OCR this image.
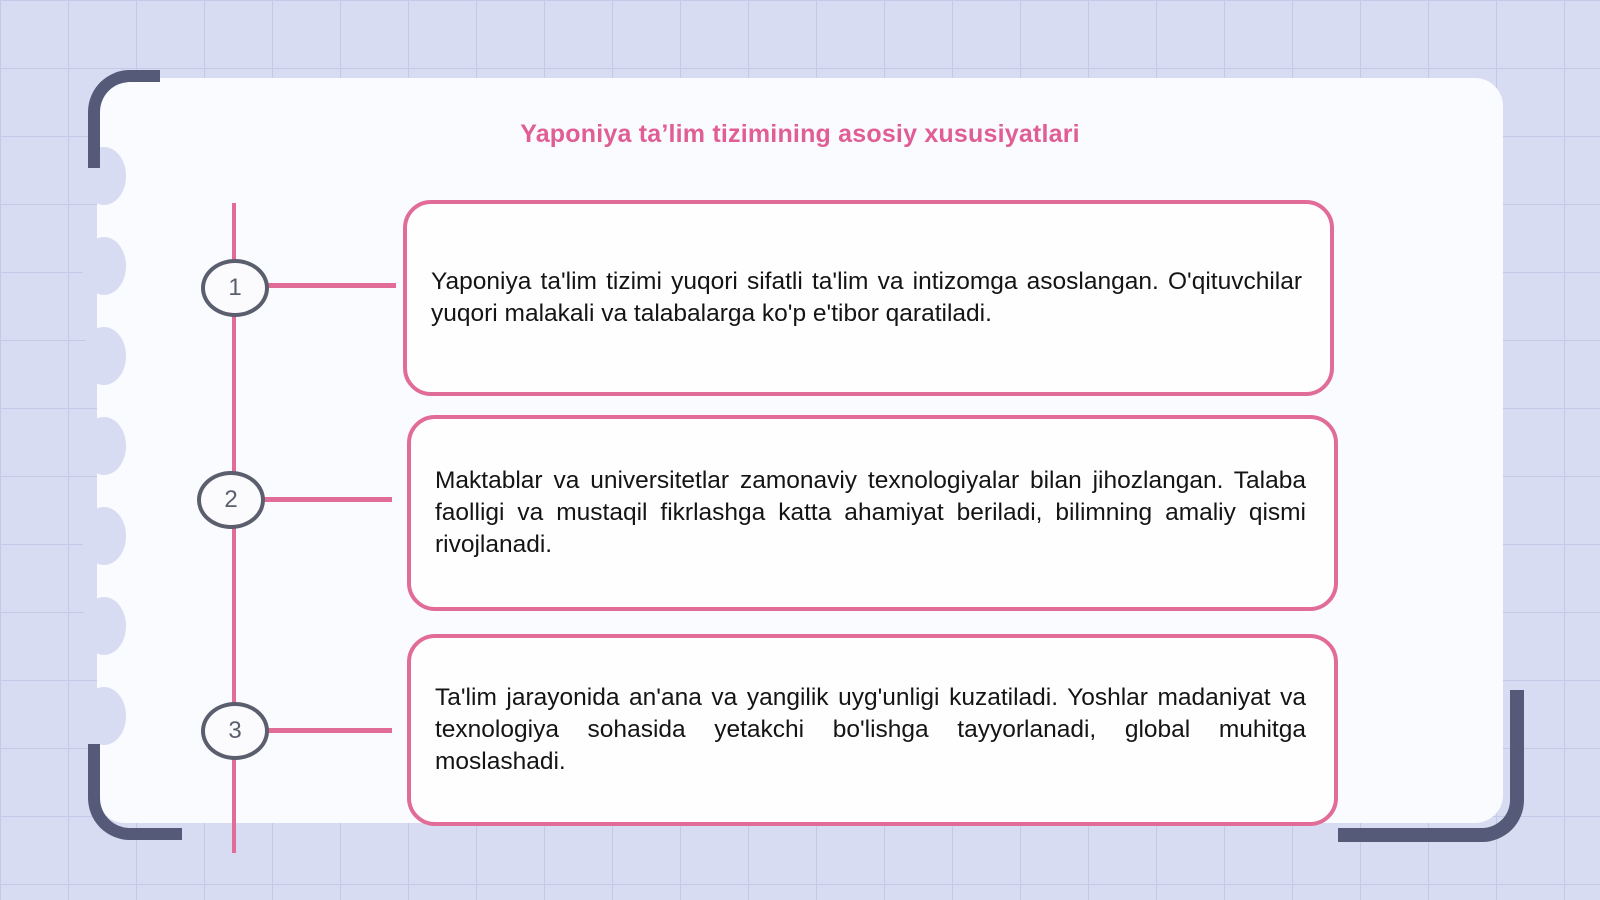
Yaponiya ta’lim tizimining asosiy xususiyatlari
1	Yaponiya ta'lim tizimi yuqori sifatli ta'lim va intizomga asoslangan. O'qituvchilar yuqori malakali va talabalarga ko'p e'tibor qaratiladi.
2
Maktablar va universitetlar zamonaviy texnologiyalar bilan jihozlangan. Talaba faolligi va mustaqil fikrlashga katta ahamiyat beriladi, bilimning amaliy qismi rivojlanadi.
3
Ta'lim jarayonida an'ana va yangilik uyg'unligi kuzatiladi. Yoshlar madaniyat va texnologiya sohasida yetakchi bo'lishga tayyorlanadi, global muhitga moslashadi.
